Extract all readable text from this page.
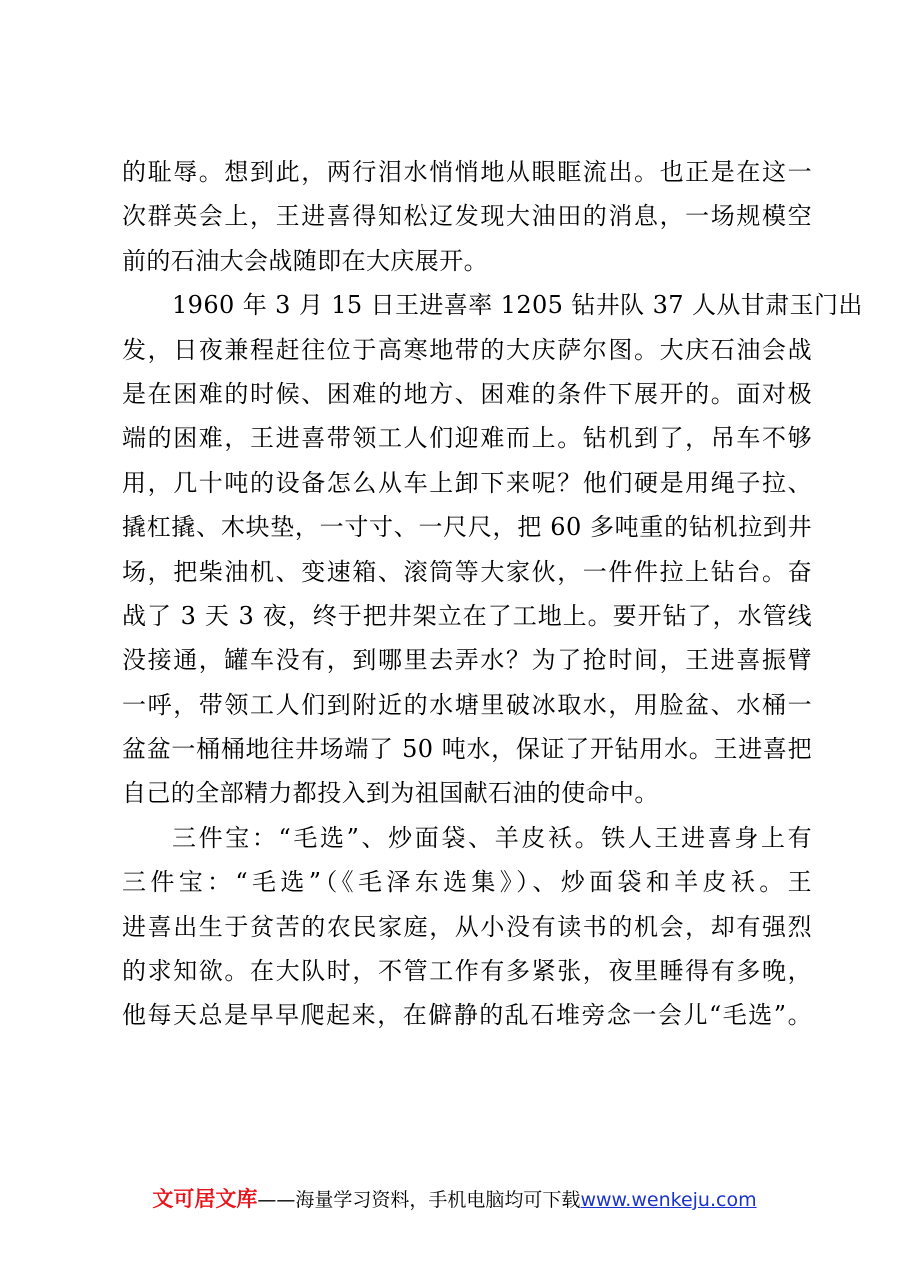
的耻辱。想到此，两行泪水悄悄地从眼眶流出。也正是在这一
次群英会上，王进喜得知松辽发现大油田的消息，一场规模空
前的石油大会战随即在大庆展开。
1960 年 3 月 15 日王进喜率 1205 钻井队 37 人从甘肃玉门出
发，日夜兼程赶往位于高寒地带的大庆萨尔图。大庆石油会战
是在困难的时候、困难的地方、困难的条件下展开的。面对极
端的困难，王进喜带领工人们迎难而上。钻机到了，吊车不够
用，几十吨的设备怎么从车上卸下来呢？他们硬是用绳子拉、
撬杠撬、木块垫，一寸寸、一尺尺，把 60 多吨重的钻机拉到井
场，把柴油机、变速箱、滚筒等大家伙，一件件拉上钻台。奋
战了 3 天 3 夜，终于把井架立在了工地上。要开钻了，水管线
没接通，罐车没有，到哪里去弄水？为了抢时间，王进喜振臂
一呼，带领工人们到附近的水塘里破冰取水，用脸盆、水桶一
盆盆一桶桶地往井场端了 50 吨水，保证了开钻用水。王进喜把
自己的全部精力都投入到为祖国献石油的使命中。
三件宝：“毛选”、炒面袋、羊皮袄。铁人王进喜身上有
三件宝：“毛选”（《毛泽东选集》）、炒面袋和羊皮袄。王
进喜出生于贫苦的农民家庭，从小没有读书的机会，却有强烈
的求知欲。在大队时，不管工作有多紧张，夜里睡得有多晚，
他每天总是早早爬起来，在僻静的乱石堆旁念一会儿“毛选”。
文可居文库——海量学习资料，手机电脑均可下载www.wenkeju.com
